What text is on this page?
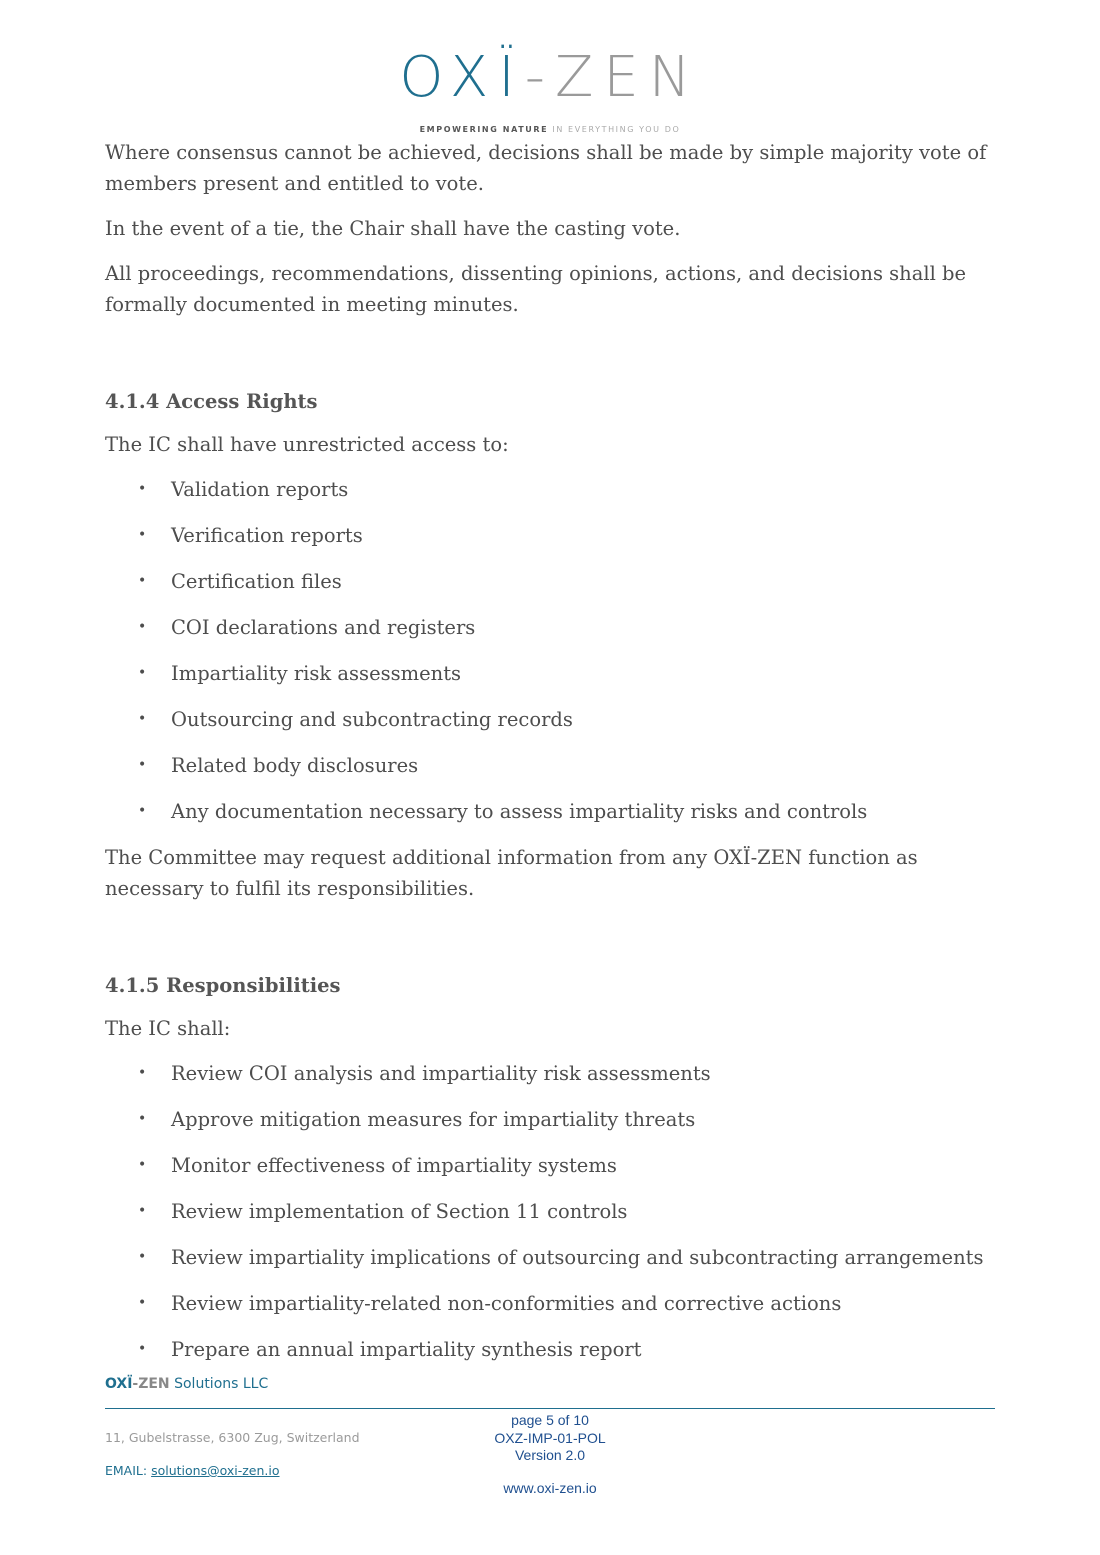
OXÏ-ZEN
EMPOWERING NATURE IN EVERYTHING YOU DO

Where consensus cannot be achieved, decisions shall be made by simple majority vote of members present and entitled to vote.

In the event of a tie, the Chair shall have the casting vote.

All proceedings, recommendations, dissenting opinions, actions, and decisions shall be formally documented in meeting minutes.

4.1.4 Access Rights

The IC shall have unrestricted access to:

• Validation reports
• Verification reports
• Certification files
• COI declarations and registers
• Impartiality risk assessments
• Outsourcing and subcontracting records
• Related body disclosures
• Any documentation necessary to assess impartiality risks and controls

The Committee may request additional information from any OXÏ-ZEN function as necessary to fulfil its responsibilities.

4.1.5 Responsibilities

The IC shall:

• Review COI analysis and impartiality risk assessments
• Approve mitigation measures for impartiality threats
• Monitor effectiveness of impartiality systems
• Review implementation of Section 11 controls
• Review impartiality implications of outsourcing and subcontracting arrangements
• Review impartiality-related non-conformities and corrective actions
• Prepare an annual impartiality synthesis report
OXÏ-ZEN Solutions LLC
11, Gubelstrasse, 6300 Zug, Switzerland
EMAIL: solutions@oxi-zen.io
page 5 of 10
OXZ-IMP-01-POL
Version 2.0
www.oxi-zen.io
